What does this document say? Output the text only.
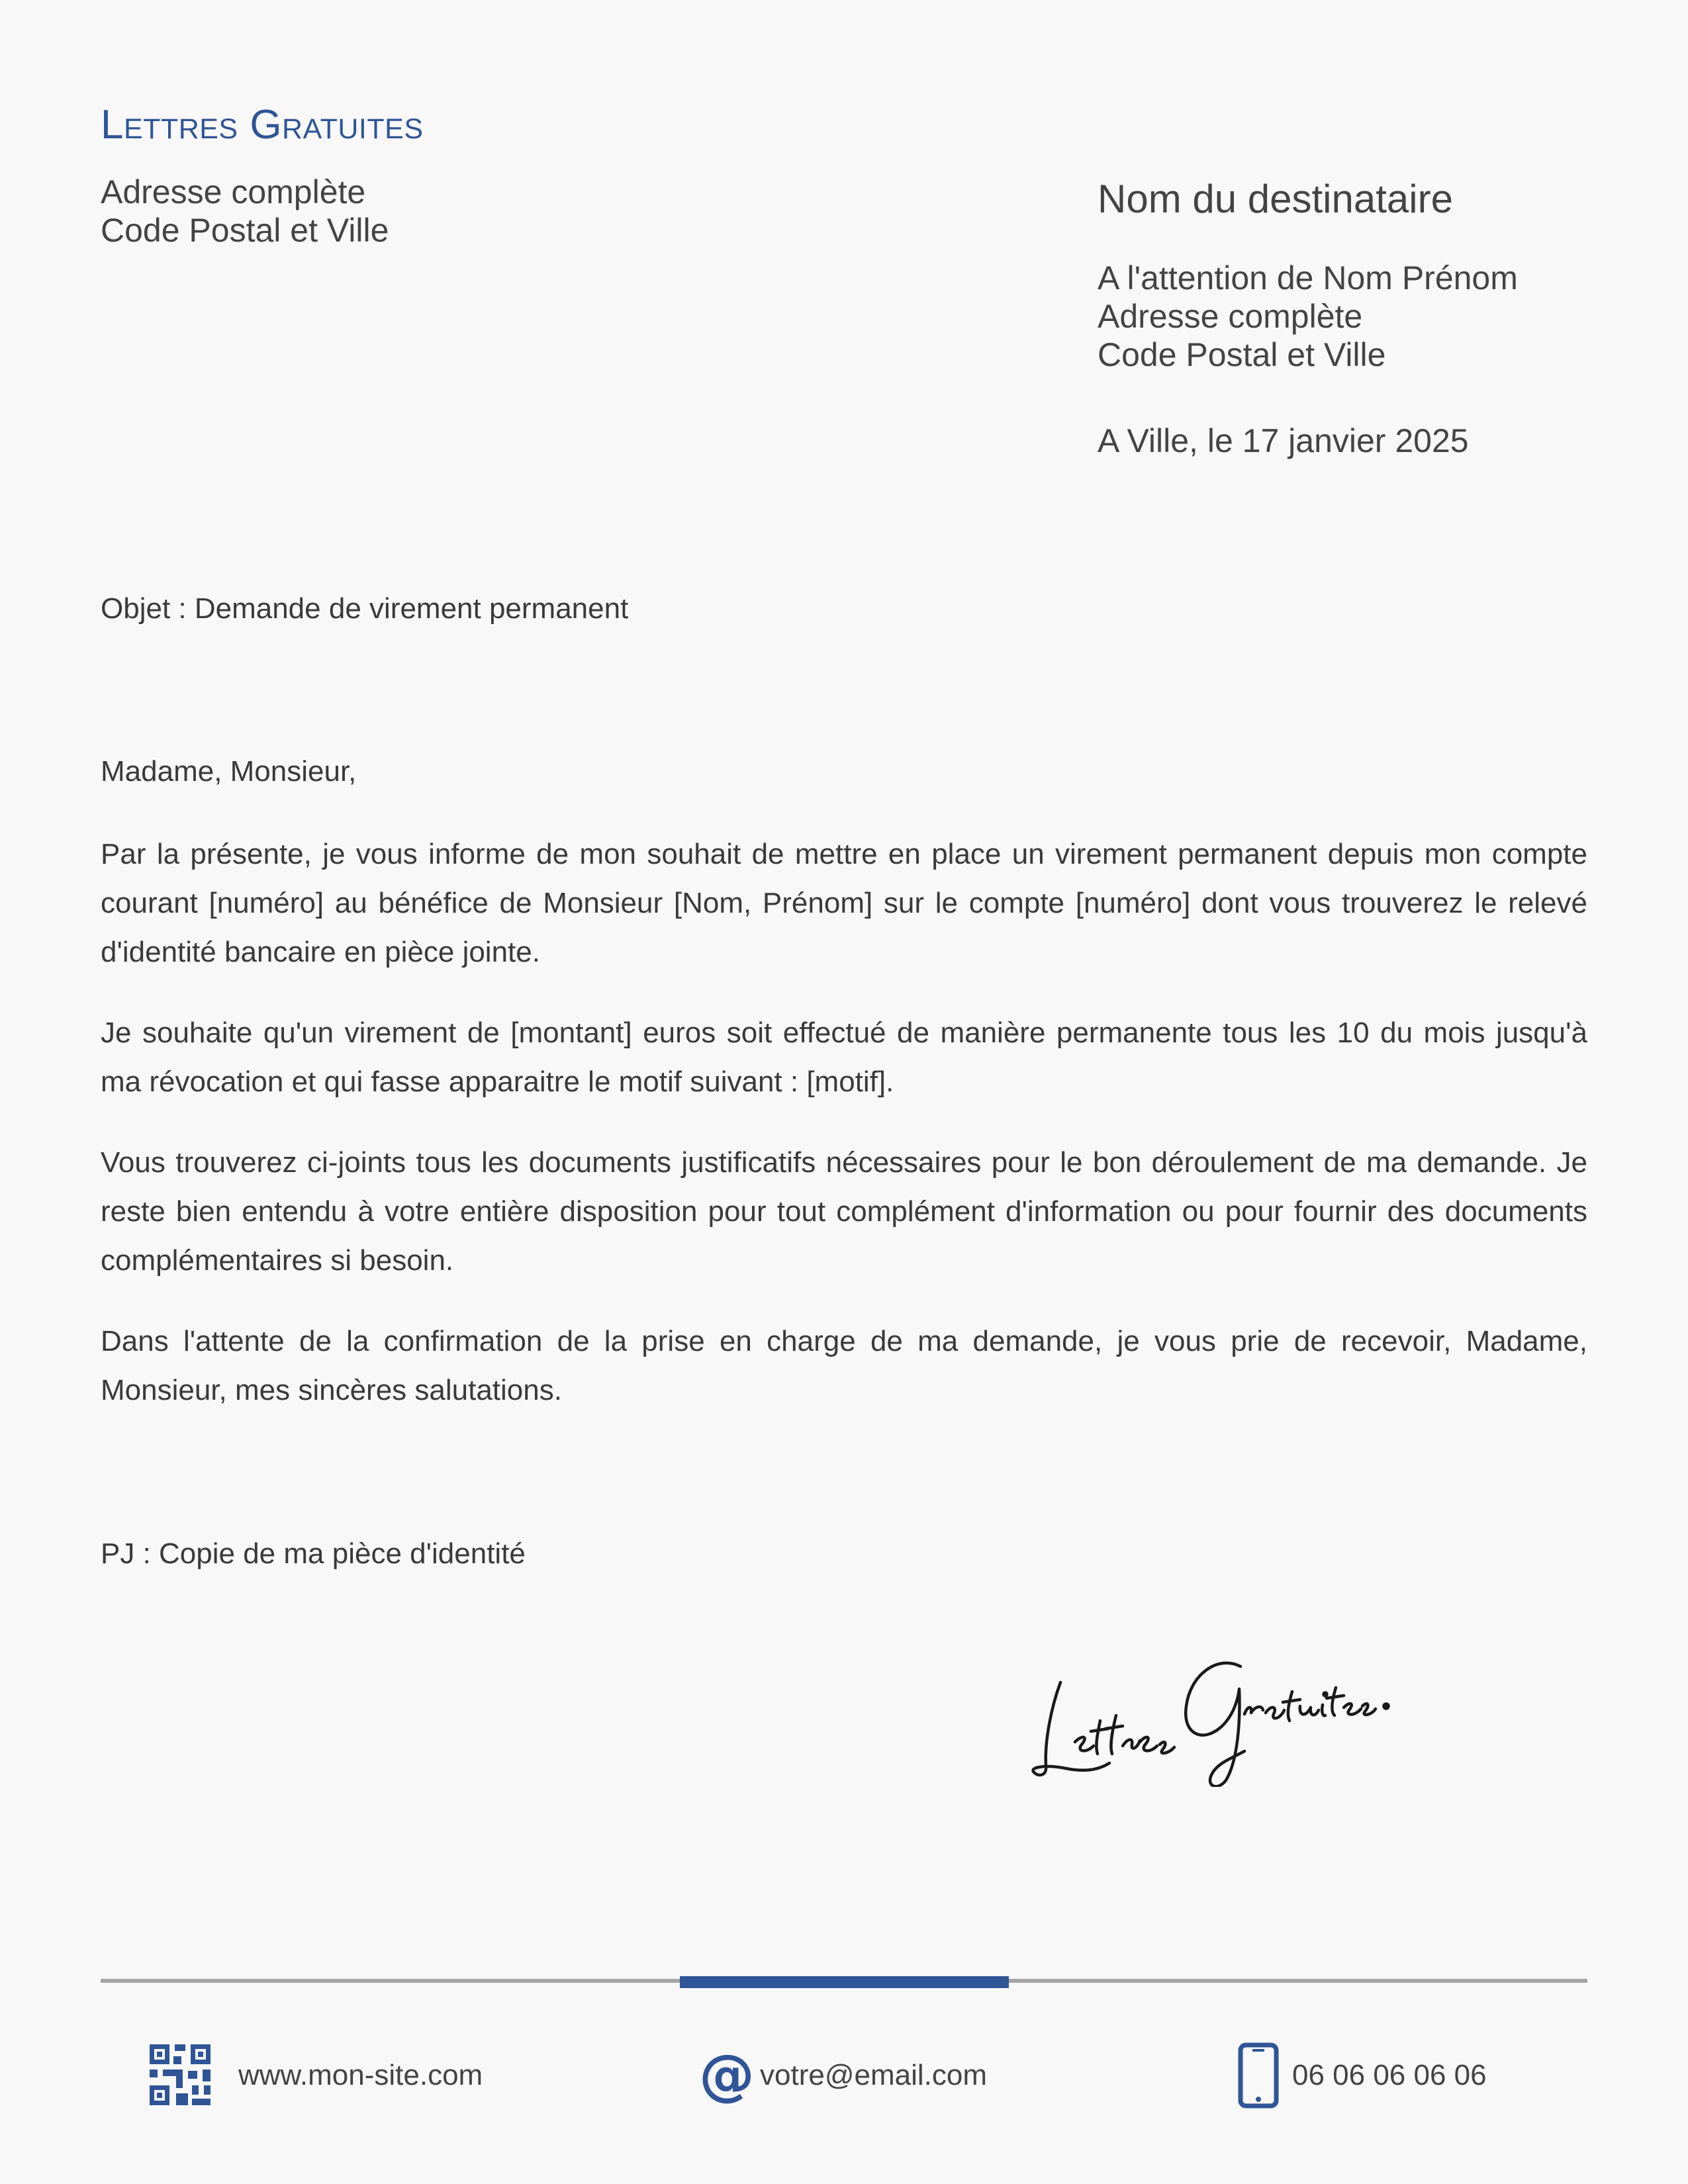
Lettres Gratuites
Adresse complète
Code Postal et Ville
Nom du destinataire
A l'attention de Nom Prénom
Adresse complète
Code Postal et Ville
A Ville, le 17 janvier 2025
Objet : Demande de virement permanent
Madame, Monsieur,

Par la présente, je vous informe de mon souhait de mettre en place un virement permanent depuis mon compte courant [numéro] au bénéfice de Monsieur [Nom, Prénom] sur le compte [numéro] dont vous trouverez le relevé d'identité bancaire en pièce jointe.

Je souhaite qu'un virement de [montant] euros soit effectué de manière permanente tous les 10 du mois jusqu'à ma révocation et qui fasse apparaitre le motif suivant : [motif].

Vous trouverez ci-joints tous les documents justificatifs nécessaires pour le bon déroulement de ma demande. Je reste bien entendu à votre entière disposition pour tout complément d'information ou pour fournir des documents complémentaires si besoin.

Dans l'attente de la confirmation de la prise en charge de ma demande, je vous prie de recevoir, Madame, Monsieur, mes sincères salutations.

PJ : Copie de ma pièce d'identité
www.mon-site.com	@ votre@email.com	06 06 06 06 06
